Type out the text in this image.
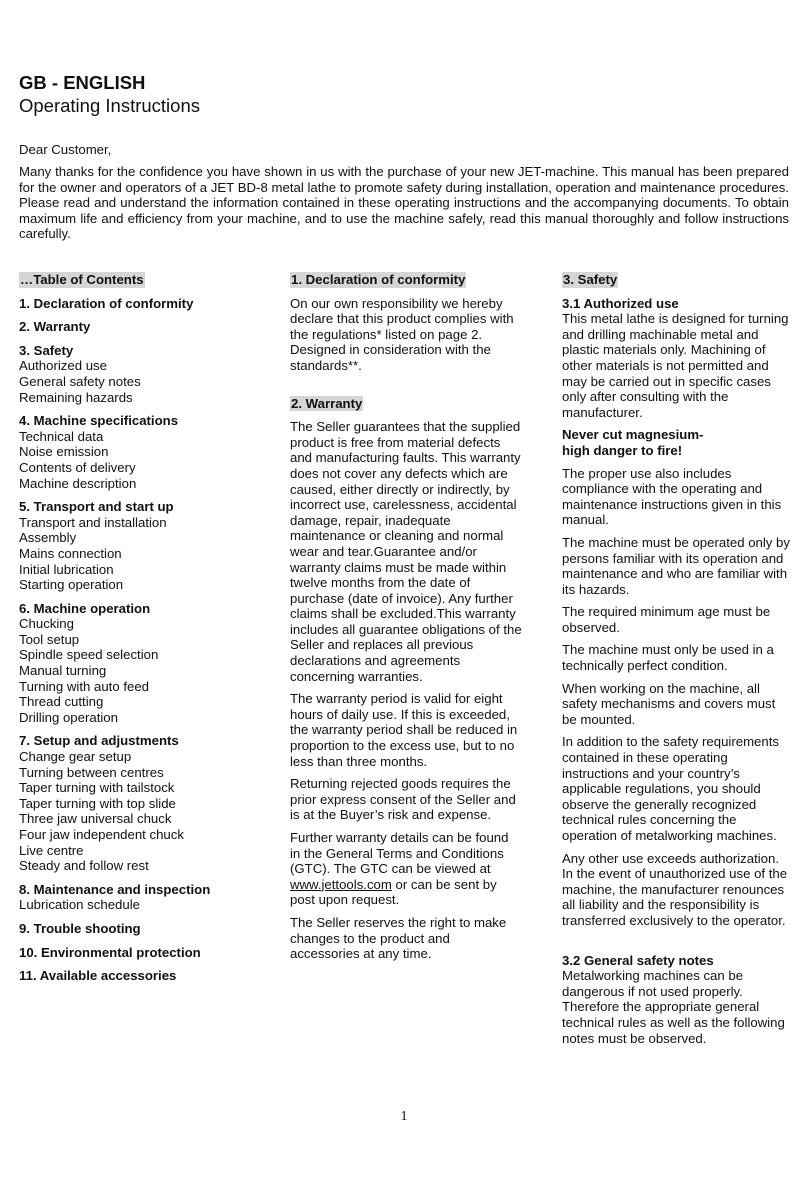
GB - ENGLISH
Operating Instructions
Dear Customer,
Many thanks for the confidence you have shown in us with the purchase of your new JET-machine. This manual has been prepared for the owner and operators of a JET BD-8 metal lathe to promote safety during installation, operation and maintenance procedures. Please read and understand the information contained in these operating instructions and the accompanying documents. To obtain maximum life and efficiency from your machine, and to use the machine safely, read this manual thoroughly and follow instructions carefully.
…Table of Contents
1. Declaration of conformity
2. Warranty
3. Safety
Authorized use
General safety notes
Remaining hazards
4. Machine specifications
Technical data
Noise emission
Contents of delivery
Machine description
5. Transport and start up
Transport and installation
Assembly
Mains connection
Initial lubrication
Starting operation
6. Machine operation
Chucking
Tool setup
Spindle speed selection
Manual turning
Turning with auto feed
Thread cutting
Drilling operation
7. Setup and adjustments
Change gear setup
Turning between centres
Taper turning with tailstock
Taper turning with top slide
Three jaw universal chuck
Four jaw independent chuck
Live centre
Steady and follow rest
8. Maintenance and inspection
Lubrication schedule
9. Trouble shooting
10. Environmental protection
11. Available accessories
1. Declaration of conformity

On our own responsibility we hereby declare that this product complies with the regulations* listed on page 2. Designed in consideration with the standards**.

2. Warranty

The Seller guarantees that the supplied product is free from material defects and manufacturing faults. This warranty does not cover any defects which are caused, either directly or indirectly, by incorrect use, carelessness, accidental damage, repair, inadequate maintenance or cleaning and normal wear and tear.Guarantee and/or warranty claims must be made within twelve months from the date of purchase (date of invoice). Any further claims shall be excluded.This warranty includes all guarantee obligations of the Seller and replaces all previous declarations and agreements concerning warranties.

The warranty period is valid for eight hours of daily use. If this is exceeded, the warranty period shall be reduced in proportion to the excess use, but to no less than three months.

Returning rejected goods requires the prior express consent of the Seller and is at the Buyer’s risk and expense.

Further warranty details can be found in the General Terms and Conditions (GTC). The GTC can be viewed at www.jettools.com or can be sent by post upon request.

The Seller reserves the right to make changes to the product and accessories at any time.

3. Safety
3.1 Authorized use

This metal lathe is designed for turning and drilling machinable metal and plastic materials only. Machining of other materials is not permitted and may be carried out in specific cases only after consulting with the manufacturer.

Never cut magnesium-
high danger to fire!

The proper use also includes compliance with the operating and maintenance instructions given in this manual.

The machine must be operated only by persons familiar with its operation and maintenance and who are familiar with its hazards.

The required minimum age must be observed.

The machine must only be used in a technically perfect condition.

When working on the machine, all safety mechanisms and covers must be mounted.

In addition to the safety requirements contained in these operating instructions and your country’s applicable regulations, you should observe the generally recognized technical rules concerning the operation of metalworking machines.

Any other use exceeds authorization. In the event of unauthorized use of the machine, the manufacturer renounces all liability and the responsibility is transferred exclusively to the operator.

3.2 General safety notes

Metalworking machines can be dangerous if not used properly. Therefore the appropriate general technical rules as well as the following notes must be observed.

1
